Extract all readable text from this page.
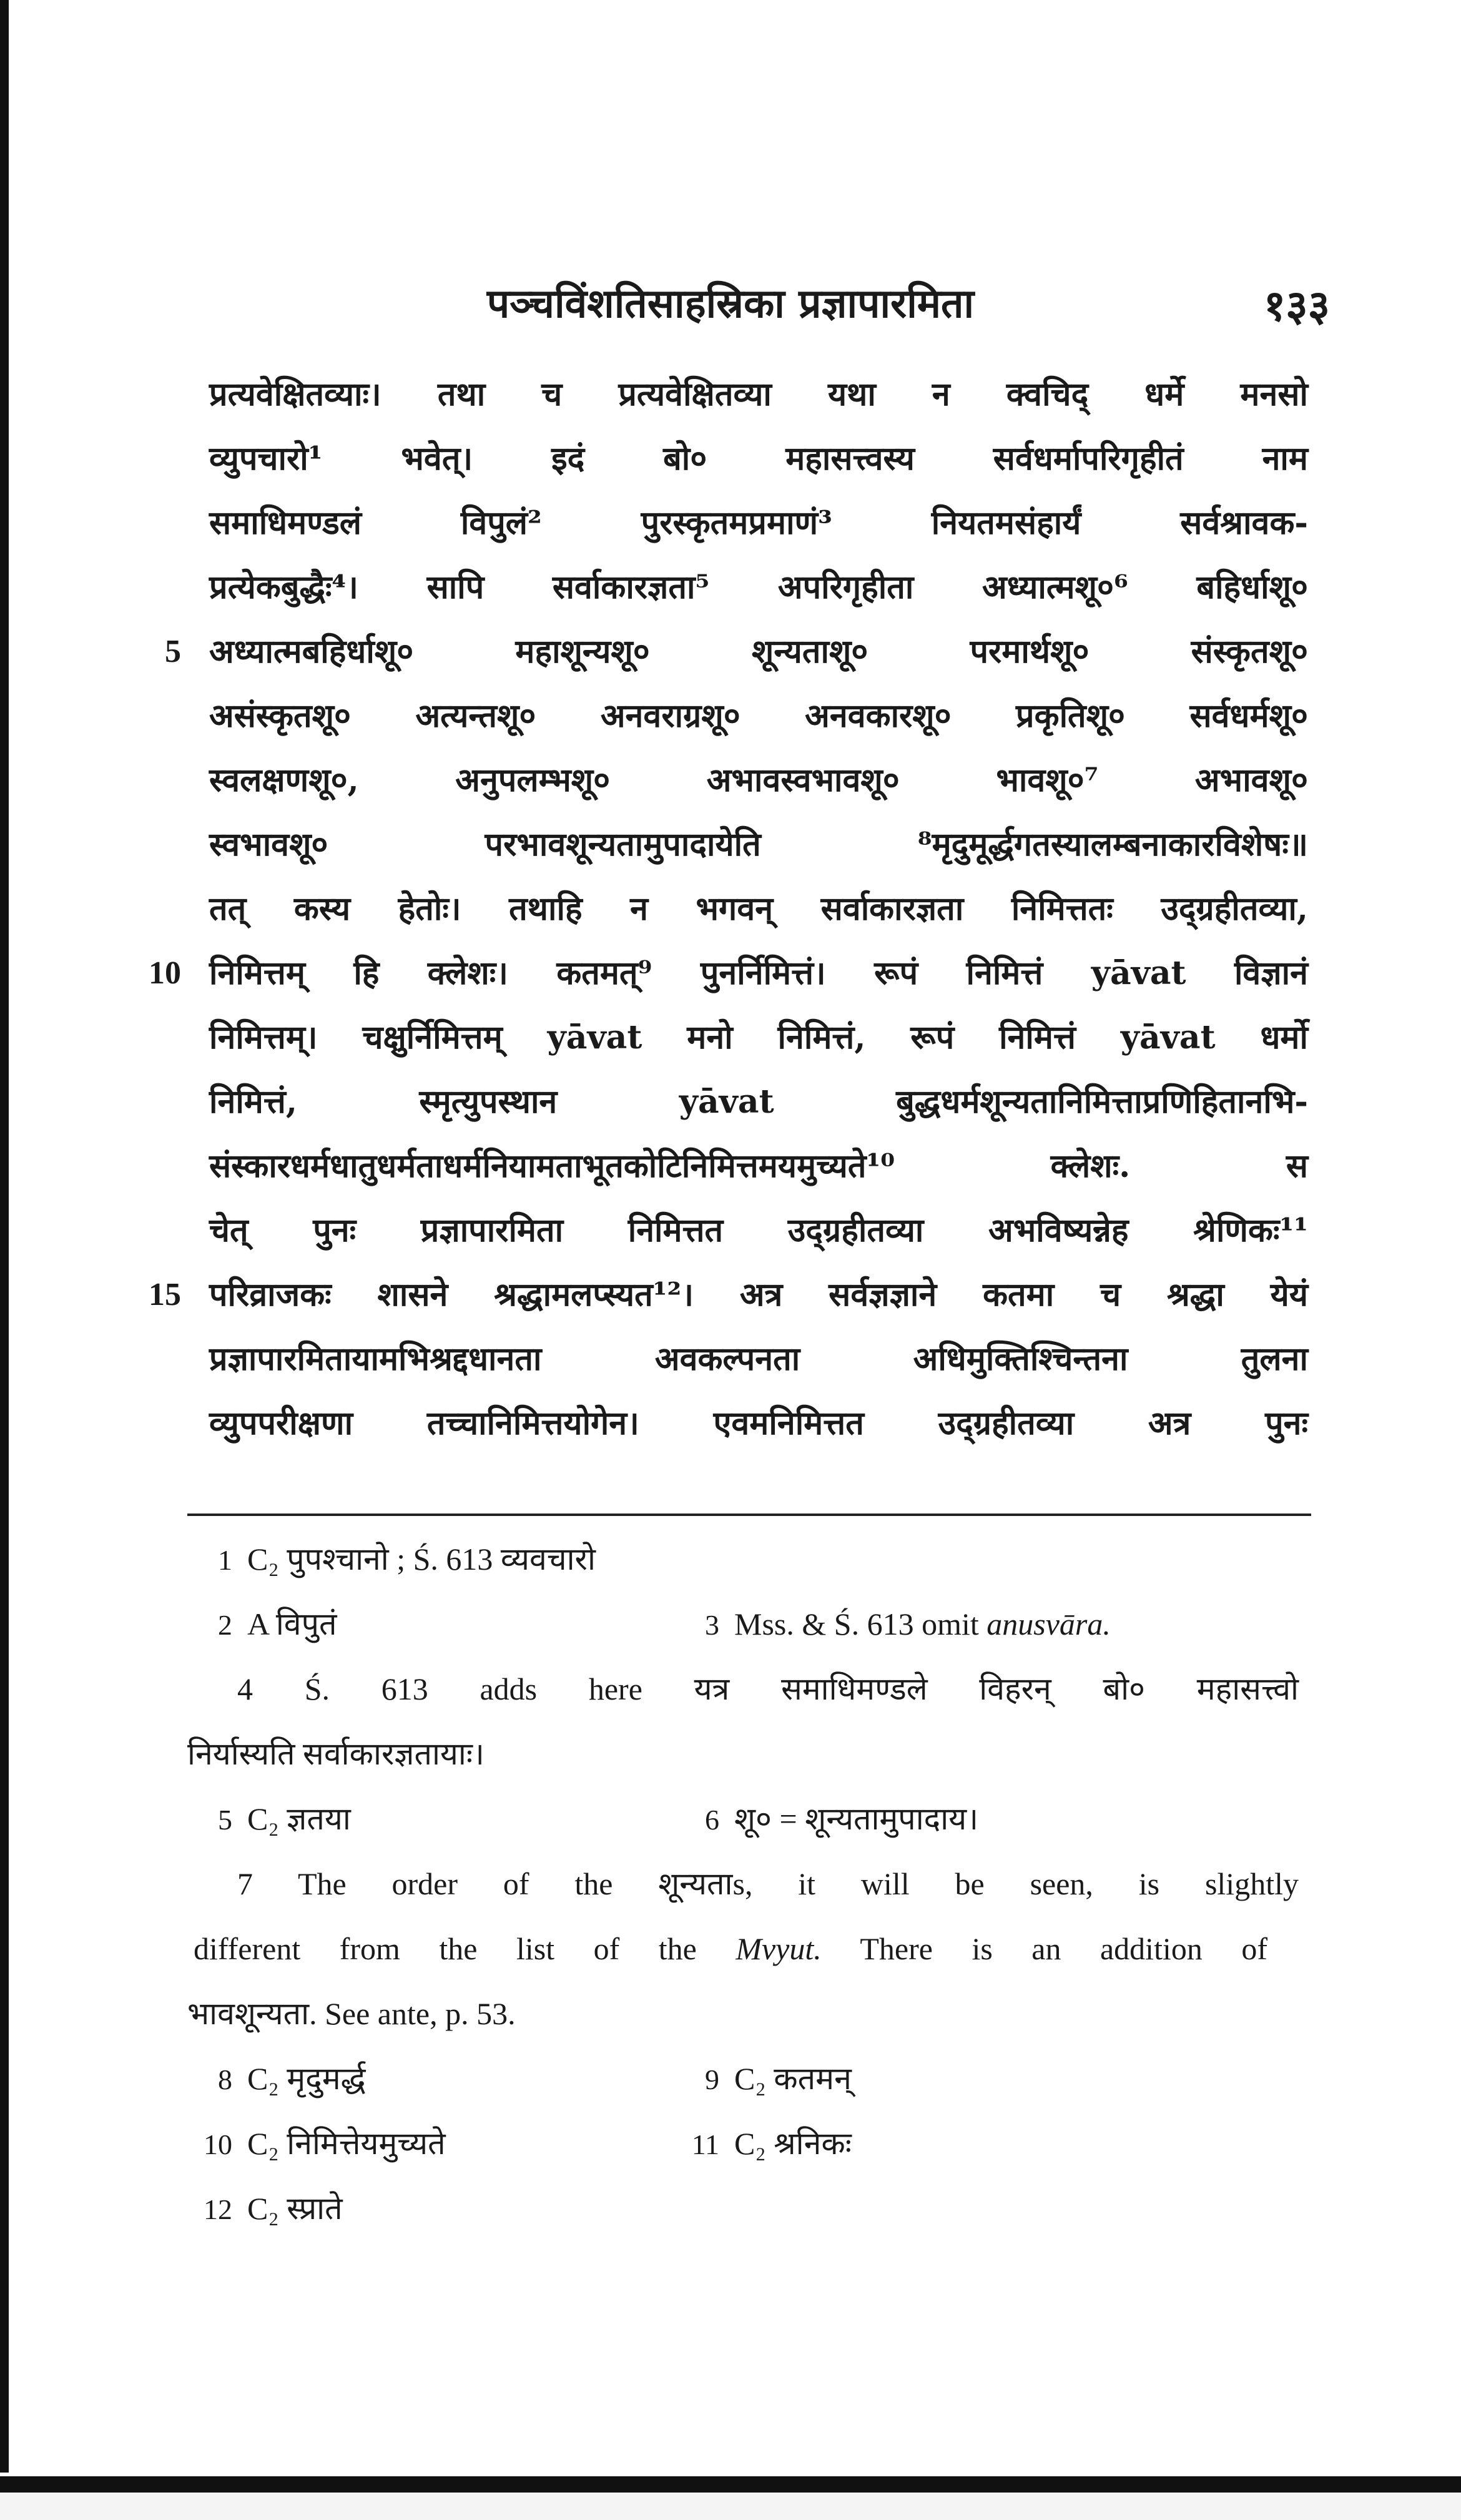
पञ्चविंशतिसाहस्रिका प्रज्ञापारमिता	१३३
प्रत्यवेक्षितव्याः। तथा च प्रत्यवेक्षितव्या यथा न क्वचिद् धर्मे मनसो
व्युपचारो¹ भवेत्। इदं बो० महासत्त्वस्य सर्वधर्मापरिगृहीतं नाम
समाधिमण्डलं विपुलं² पुरस्कृतमप्रमाणं³ नियतमसंहार्यं सर्वश्रावक-
प्रत्येकबुद्धैः⁴। सापि सर्वाकारज्ञता⁵ अपरिगृहीता अध्यात्मशू०⁶ बहिर्धाशू०
5 अध्यात्मबहिर्धाशू० महाशून्यशू० शून्यताशू० परमार्थशू० संस्कृतशू०
असंस्कृतशू० अत्यन्तशू० अनवराग्रशू० अनवकारशू० प्रकृतिशू० सर्वधर्मशू०
स्वलक्षणशू०, अनुपलम्भशू० अभावस्वभावशू० भावशू०⁷ अभावशू०
स्वभावशू० परभावशून्यतामुपादायेति ⁸मृदुमूर्द्धगतस्यालम्बनाकारविशेषः॥
तत् कस्य हेतोः। तथाहि न भगवन् सर्वाकारज्ञता निमित्ततः उद्ग्रहीतव्या,
10 निमित्तम् हि क्लेशः। कतमत्⁹ पुनर्निमित्तं। रूपं निमित्तं yāvat विज्ञानं
निमित्तम्। चक्षुर्निमित्तम् yāvat मनो निमित्तं, रूपं निमित्तं yāvat धर्मो
निमित्तं, स्मृत्युपस्थान yāvat बुद्धधर्मशून्यतानिमित्ताप्रणिहितानभि-
संस्कारधर्मधातुधर्मताधर्मनियामताभूतकोटिनिमित्तमयमुच्यते¹⁰ क्लेशः. स
चेत् पुनः प्रज्ञापारमिता निमित्तत उद्ग्रहीतव्या अभविष्यन्नेह श्रेणिकः¹¹
15 परिव्राजकः शासने श्रद्धामलप्स्यत¹²। अत्र सर्वज्ञज्ञाने कतमा च श्रद्धा येयं
प्रज्ञापारमितायामभिश्रद्दधानता अवकल्पनता अधिमुक्तिश्चिन्तना तुलना
व्युपपरीक्षणा तच्चानिमित्तयोगेन। एवमनिमित्तत उद्ग्रहीतव्या अत्र पुनः
1 C₂ पुपश्चानो ; Ś. 613 व्यवचारो
2 A विपुतं	3 Mss. & Ś. 613 omit anusvāra.
4 Ś. 613 adds here यत्र समाधिमण्डले विहरन् बो० महासत्त्वो
निर्यास्यति सर्वाकारज्ञतायाः।
5 C₂ ज्ञतया	6 शू० = शून्यतामुपादाय।
7 The order of the शून्यताs, it will be seen, is slightly
different from the list of the Mvyut. There is an addition of
भावशून्यता. See ante, p. 53.
8 C₂ मृदुमर्द्ध	9 C₂ कतमन्
10 C₂ निमित्तेयमुच्यते	11 C₂ श्रनिकः
12 C₂ स्प्राते
